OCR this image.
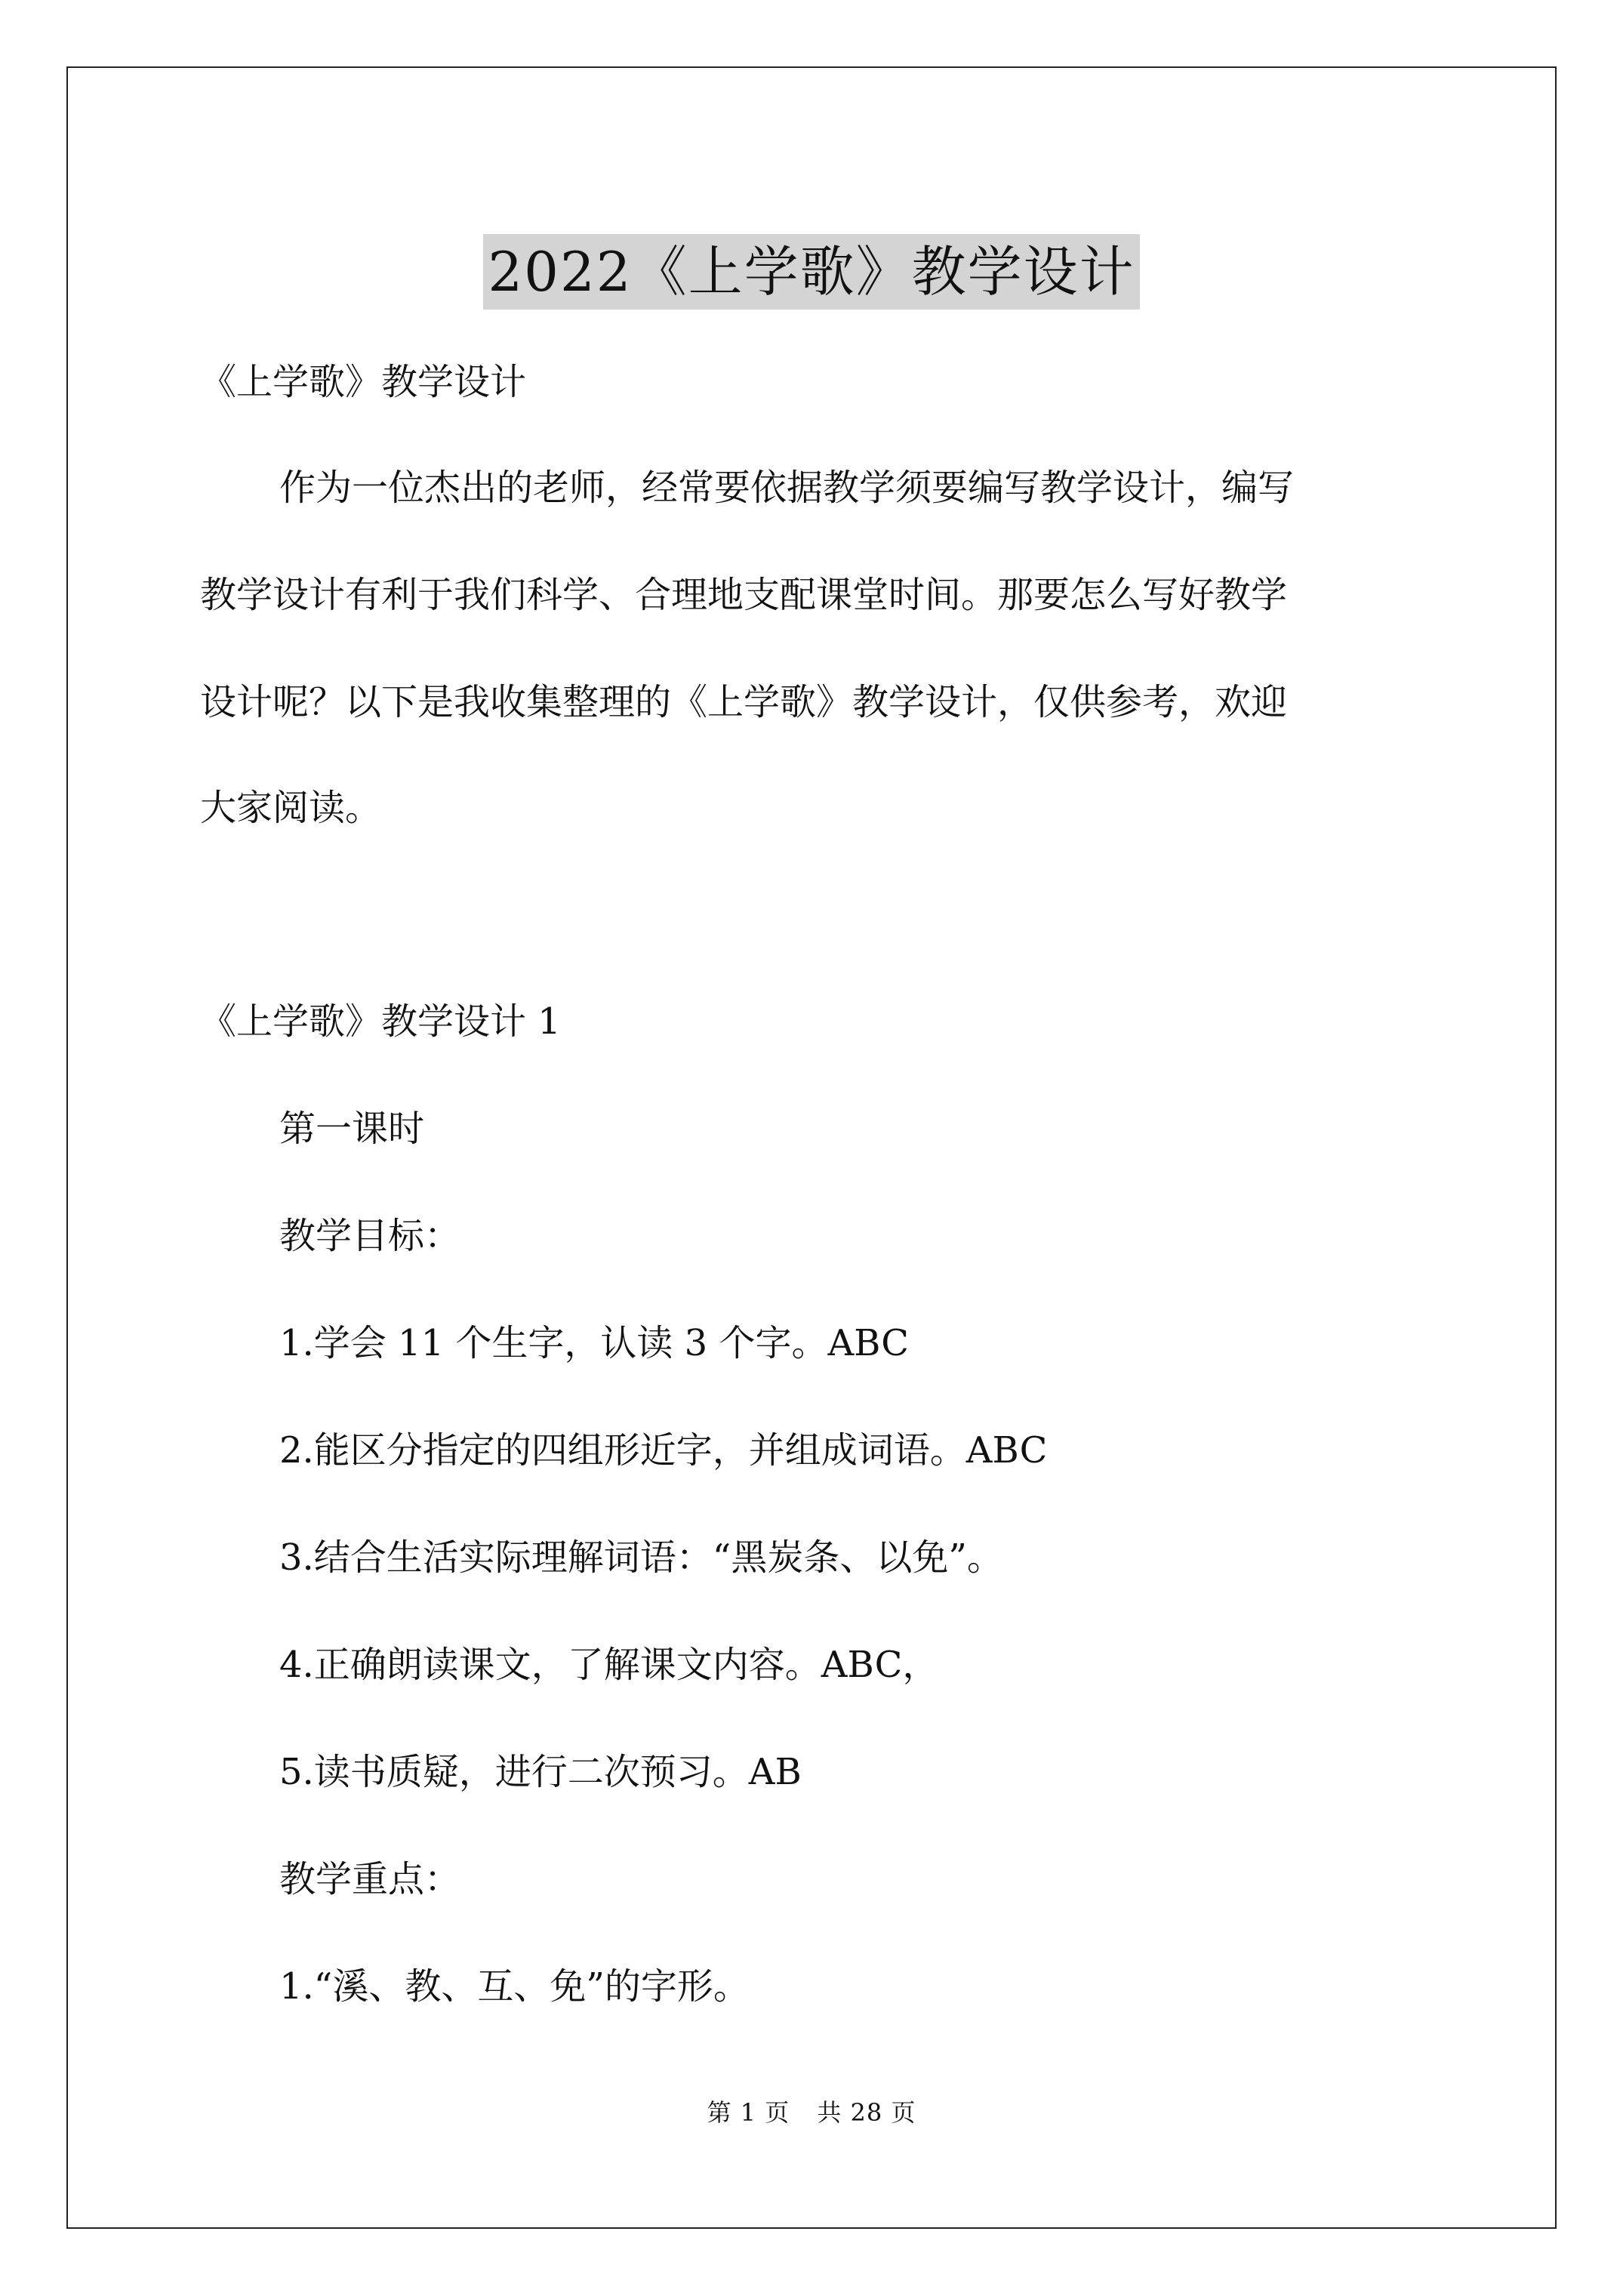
2022《上学歌》教学设计
《上学歌》教学设计
作为一位杰出的老师，经常要依据教学须要编写教学设计，编写
教学设计有利于我们科学、合理地支配课堂时间。那要怎么写好教学
设计呢？以下是我收集整理的《上学歌》教学设计，仅供参考，欢迎
大家阅读。
《上学歌》教学设计 1
第一课时
教学目标：
1.学会 11 个生字，认读 3 个字。ABC
2.能区分指定的四组形近字，并组成词语。ABC
3.结合生活实际理解词语：“黑炭条、以免”。
4.正确朗读课文，了解课文内容。ABC，
5.读书质疑，进行二次预习。AB
教学重点：
1.“溪、教、互、免”的字形。
第 1 页 共 28 页
